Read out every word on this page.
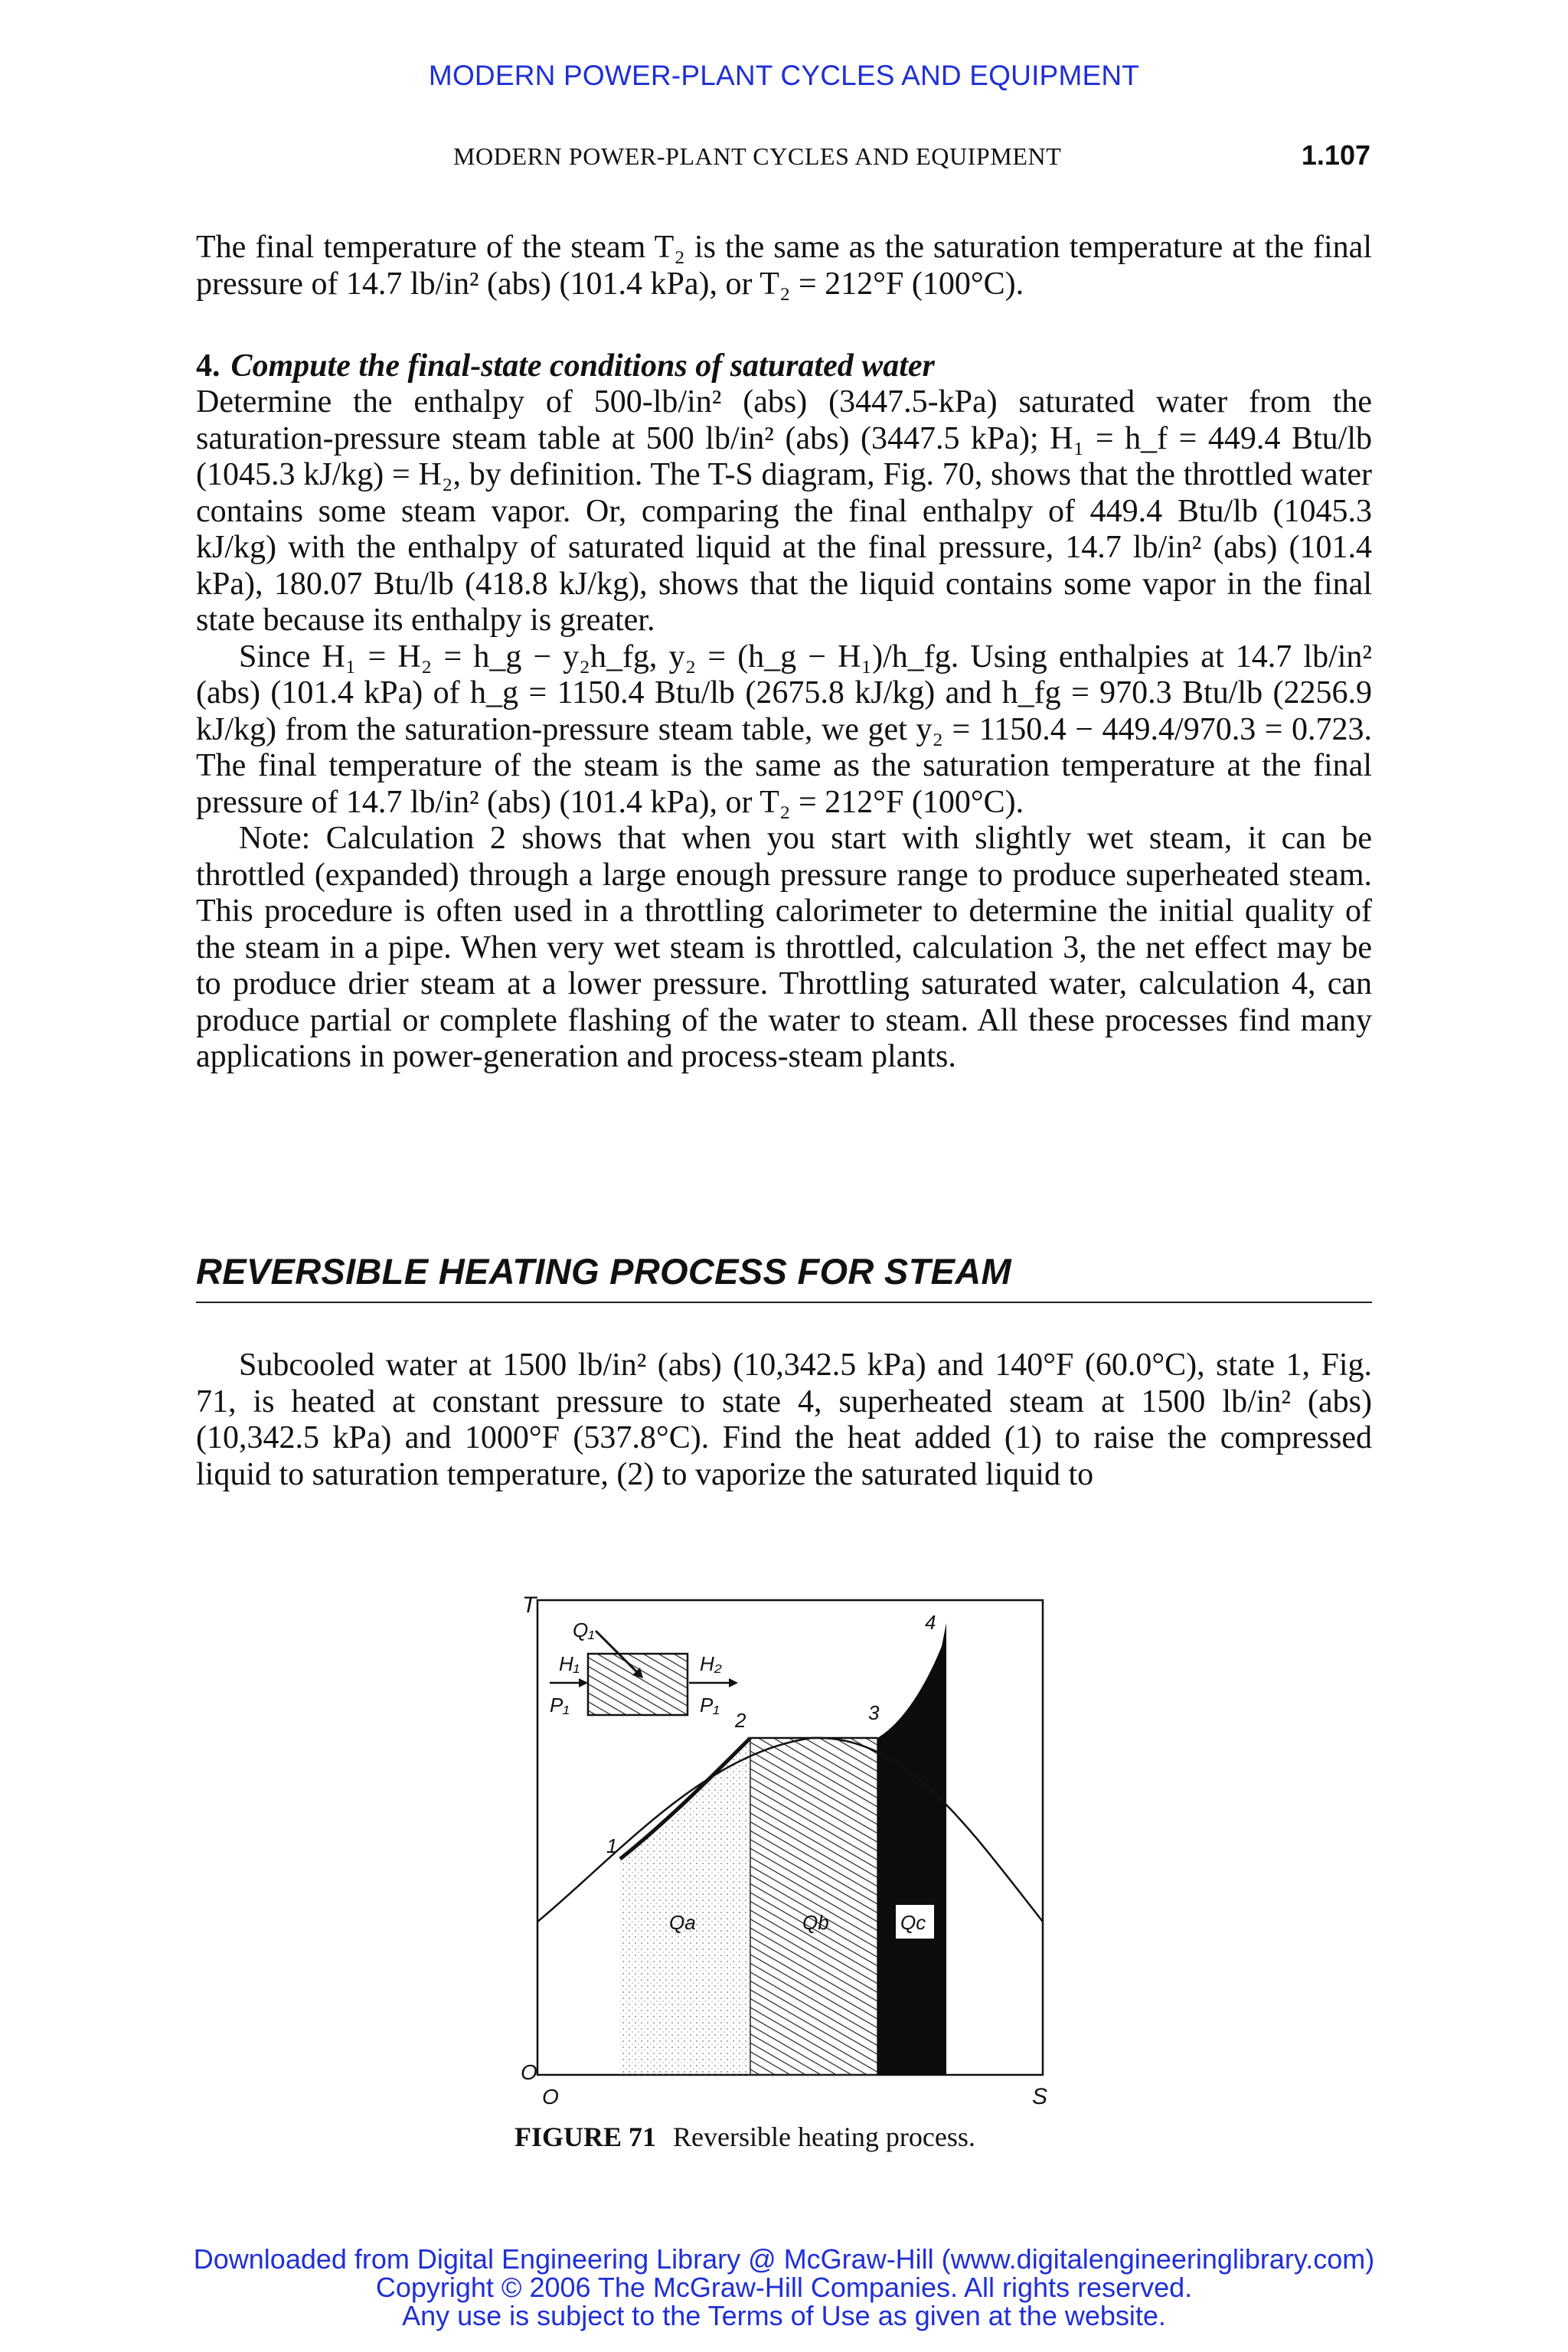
MODERN POWER-PLANT CYCLES AND EQUIPMENT
MODERN POWER-PLANT CYCLES AND EQUIPMENT	1.107

The final temperature of the steam T₂ is the same as the saturation temperature at the final pressure of 14.7 lb/in² (abs) (101.4 kPa), or T₂ = 212°F (100°C).

4. Compute the final-state conditions of saturated water

Determine the enthalpy of 500-lb/in² (abs) (3447.5-kPa) saturated water from the saturation-pressure steam table at 500 lb/in² (abs) (3447.5 kPa); H₁ = h_f = 449.4 Btu/lb (1045.3 kJ/kg) = H₂, by definition. The T-S diagram, Fig. 70, shows that the throttled water contains some steam vapor. Or, comparing the final enthalpy of 449.4 Btu/lb (1045.3 kJ/kg) with the enthalpy of saturated liquid at the final pressure, 14.7 lb/in² (abs) (101.4 kPa), 180.07 Btu/lb (418.8 kJ/kg), shows that the liquid contains some vapor in the final state because its enthalpy is greater.

Since H₁ = H₂ = h_g − y₂h_fg, y₂ = (h_g − H₁)/h_fg. Using enthalpies at 14.7 lb/in² (abs) (101.4 kPa) of h_g = 1150.4 Btu/lb (2675.8 kJ/kg) and h_fg = 970.3 Btu/lb (2256.9 kJ/kg) from the saturation-pressure steam table, we get y₂ = 1150.4 − 449.4/970.3 = 0.723. The final temperature of the steam is the same as the saturation temperature at the final pressure of 14.7 lb/in² (abs) (101.4 kPa), or T₂ = 212°F (100°C).

Note: Calculation 2 shows that when you start with slightly wet steam, it can be throttled (expanded) through a large enough pressure range to produce superheated steam. This procedure is often used in a throttling calorimeter to determine the initial quality of the steam in a pipe. When very wet steam is throttled, calculation 3, the net effect may be to produce drier steam at a lower pressure. Throttling saturated water, calculation 4, can produce partial or complete flashing of the water to steam. All these processes find many applications in power-generation and process-steam plants.

REVERSIBLE HEATING PROCESS FOR STEAM

Subcooled water at 1500 lb/in² (abs) (10,342.5 kPa) and 140°F (60.0°C), state 1, Fig. 71, is heated at constant pressure to state 4, superheated steam at 1500 lb/in² (abs) (10,342.5 kPa) and 1000°F (537.8°C). Find the heat added (1) to raise the compressed liquid to saturation temperature, (2) to vaporize the saturated liquid to

T
S
O
O
Q₁
H₁	H₂
P₁	P₁
1
2	3
4
Qa	Qb	Qc
FIGURE 71 Reversible heating process.
Downloaded from Digital Engineering Library @ McGraw-Hill (www.digitalengineeringlibrary.com)
Copyright © 2006 The McGraw-Hill Companies. All rights reserved.
Any use is subject to the Terms of Use as given at the website.
